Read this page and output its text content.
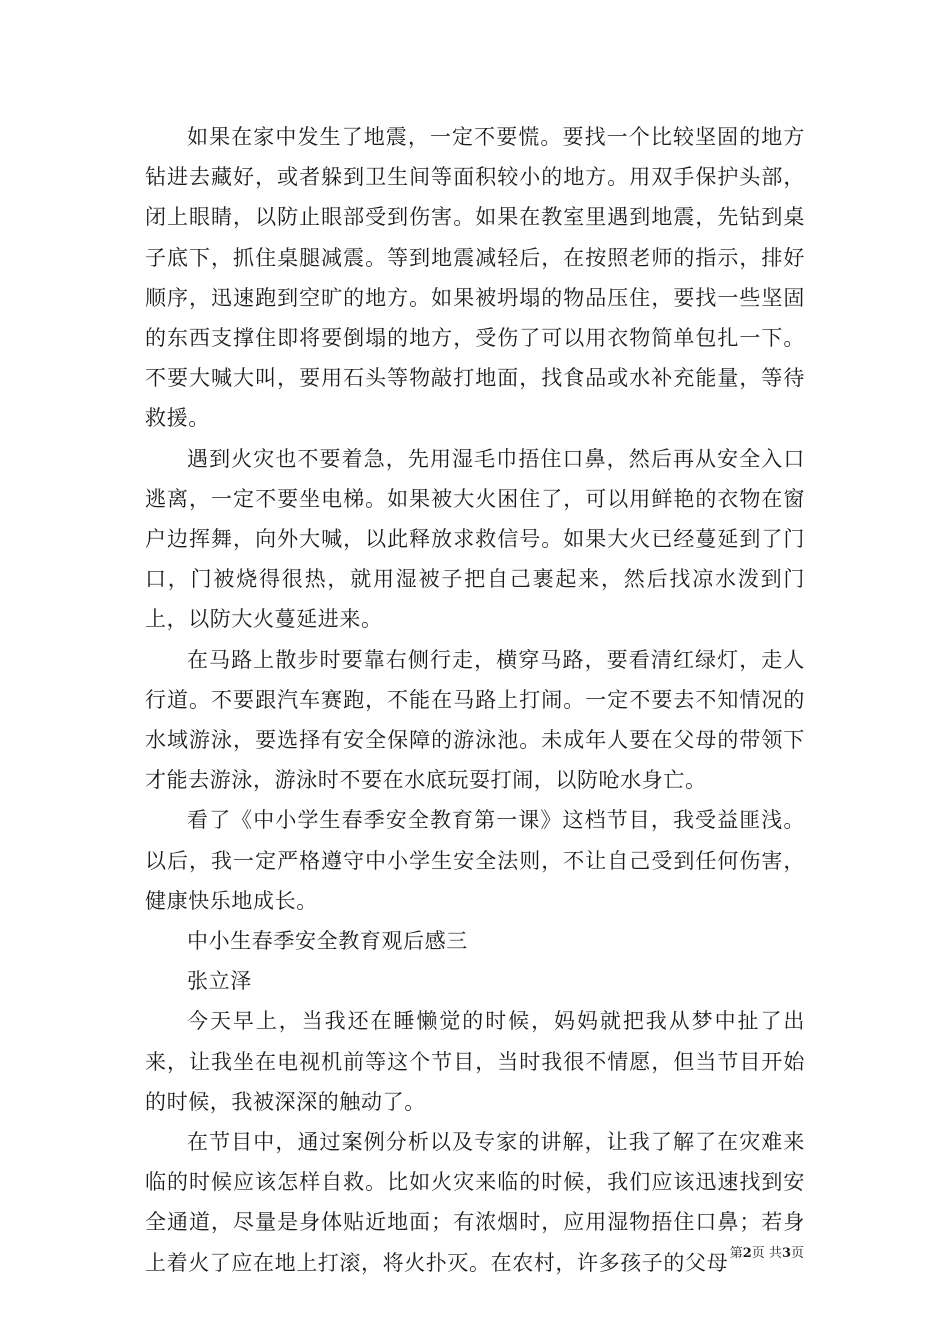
如果在家中发生了地震，一定不要慌。要找一个比较坚固的地方钻进去藏好，或者躲到卫生间等面积较小的地方。用双手保护头部，闭上眼睛，以防止眼部受到伤害。如果在教室里遇到地震，先钻到桌子底下，抓住桌腿减震。等到地震减轻后，在按照老师的指示，排好顺序，迅速跑到空旷的地方。如果被坍塌的物品压住，要找一些坚固的东西支撑住即将要倒塌的地方，受伤了可以用衣物简单包扎一下。不要大喊大叫，要用石头等物敲打地面，找食品或水补充能量，等待救援。

遇到火灾也不要着急，先用湿毛巾捂住口鼻，然后再从安全入口逃离，一定不要坐电梯。如果被大火困住了，可以用鲜艳的衣物在窗户边挥舞，向外大喊，以此释放求救信号。如果大火已经蔓延到了门口，门被烧得很热，就用湿被子把自己裹起来，然后找凉水泼到门上，以防大火蔓延进来。

在马路上散步时要靠右侧行走，横穿马路，要看清红绿灯，走人行道。不要跟汽车赛跑，不能在马路上打闹。一定不要去不知情况的水域游泳，要选择有安全保障的游泳池。未成年人要在父母的带领下才能去游泳，游泳时不要在水底玩耍打闹，以防呛水身亡。

看了《中小学生春季安全教育第一课》这档节目，我受益匪浅。以后，我一定严格遵守中小学生安全法则，不让自己受到任何伤害，健康快乐地成长。

中小生春季安全教育观后感三

张立泽

今天早上，当我还在睡懒觉的时候，妈妈就把我从梦中扯了出来，让我坐在电视机前等这个节目，当时我很不情愿，但当节目开始的时候，我被深深的触动了。

在节目中，通过案例分析以及专家的讲解，让我了解了在灾难来临的时候应该怎样自救。比如火灾来临的时候，我们应该迅速找到安全通道，尽量是身体贴近地面；有浓烟时，应用湿物捂住口鼻；若身上着火了应在地上打滚，将火扑灭。在农村，许多孩子的父母 第2页 共3页
